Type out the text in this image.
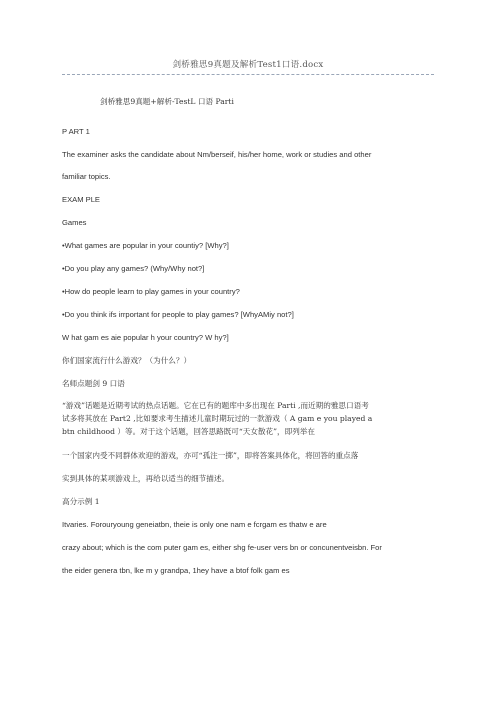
剑桥雅思9真题及解析Test1口语.docx
剑桥雅思9真题+解析-TestL 口语 Parti
P ART 1
The examiner asks the candidate about Nm/berseif, his/her home, work or studies and other
familiar topics.
EXAM PLE
Games
•What games are popular in your countiy? [Why?]
•Do you play any games? (Why/Why not?]
•How do people learn to play games in your country?
•Do you think ifs irrportant for people to play games? [WhyAMiy not?]
W hat gam es aie popular h your country? W hy?]
你们国家流行什么游戏？（为什么？）
名师点题剑 9 口语
“游戏”话题是近期考试的热点话题。它在已有的题库中多出现在 Parti ,而近期的雅思口语考
试多将其放在 Part2 ,比如要求考生描述儿童时期玩过的一款游戏（ A gam e you played a
btn childhood ）等。对于这个话题，回答思路既可“天女散花”，即列举在
一个国家内受不同群体欢迎的游戏，亦可“孤注一掷”，即将答案具体化，将回答的重点落
实到具体的某项游戏上，再给以适当的细节描述。
高分示例 1
Itvaries. Forouryoung geneiatbn, theie is only one nam e fcrgam es thatw e are
crazy about; which is the com puter gam es, either shg fe-user vers bn or concunentveisbn. For
the eider genera tbn, lke m y grandpa, 1hey have a btof folk gam es
